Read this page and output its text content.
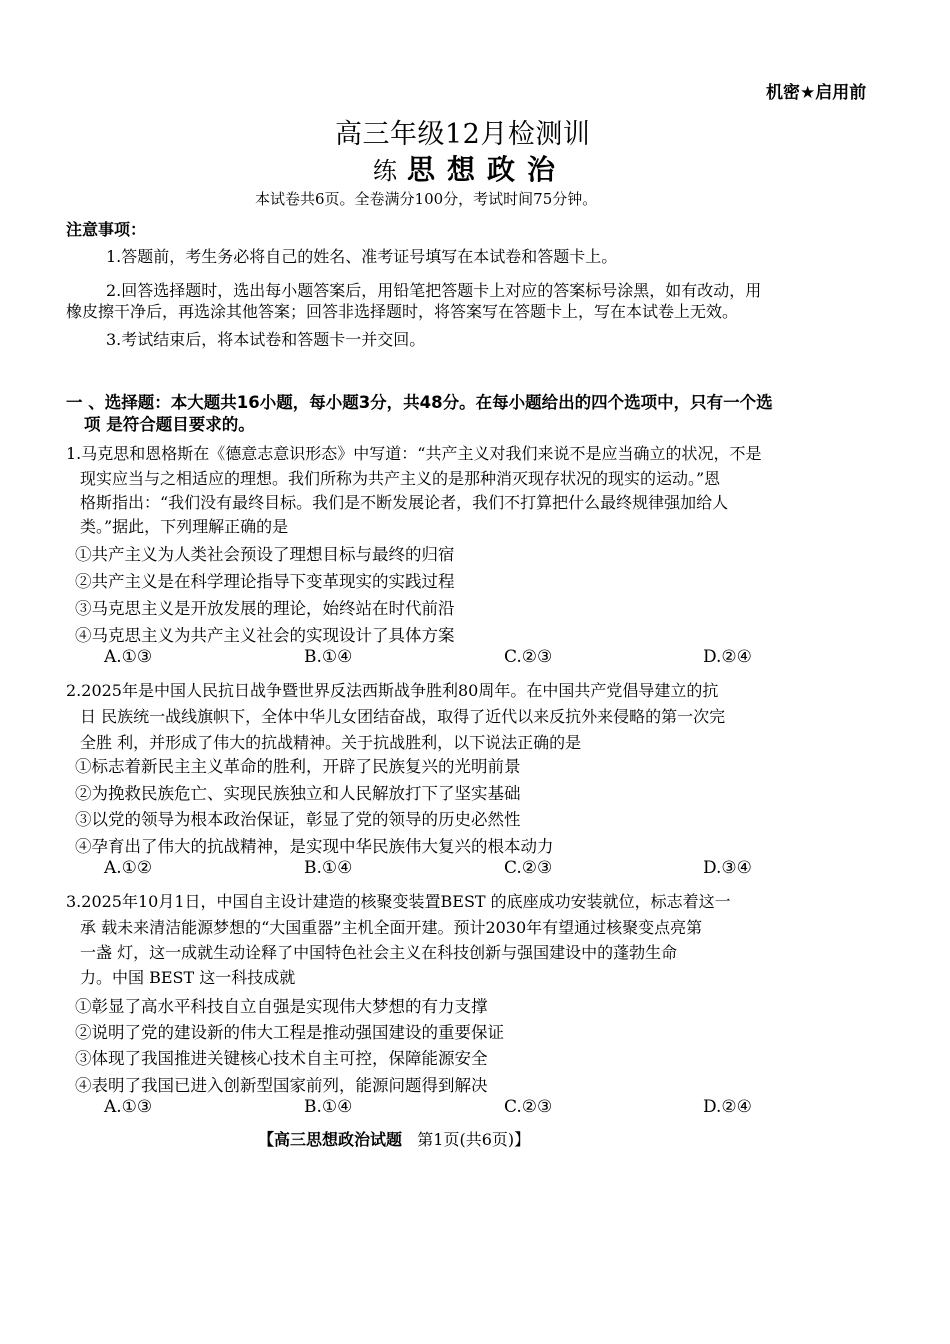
机密★启用前
高三年级12月检测训
练 思想政治
本试卷共6页。全卷满分100分，考试时间75分钟。
注意事项：
1.答题前，考生务必将自己的姓名、准考证号填写在本试卷和答题卡上。
2.回答选择题时，选出每小题答案后，用铅笔把答题卡上对应的答案标号涂黑，如有改动，用
橡皮擦干净后，再选涂其他答案；回答非选择题时，将答案写在答题卡上，写在本试卷上无效。
3.考试结束后，将本试卷和答题卡一并交回。
一 、选择题：本大题共16小题，每小题3分，共48分。在每小题给出的四个选项中，只有一个选
项 是符合题目要求的。
1.马克思和恩格斯在《德意志意识形态》中写道：“共产主义对我们来说不是应当确立的状况，不是
现实应当与之相适应的理想。我们所称为共产主义的是那种消灭现存状况的现实的运动。”恩
格斯指出：“我们没有最终目标。我们是不断发展论者，我们不打算把什么最终规律强加给人
类。”据此，下列理解正确的是
①共产主义为人类社会预设了理想目标与最终的归宿
②共产主义是在科学理论指导下变革现实的实践过程
③马克思主义是开放发展的理论，始终站在时代前沿
④马克思主义为共产主义社会的实现设计了具体方案
A.①③	B.①④	C.②③	D.②④
2.2025年是中国人民抗日战争暨世界反法西斯战争胜利80周年。在中国共产党倡导建立的抗
日 民族统一战线旗帜下，全体中华儿女团结奋战，取得了近代以来反抗外来侵略的第一次完
全胜 利，并形成了伟大的抗战精神。关于抗战胜利，以下说法正确的是
①标志着新民主主义革命的胜利，开辟了民族复兴的光明前景
②为挽救民族危亡、实现民族独立和人民解放打下了坚实基础
③以党的领导为根本政治保证，彰显了党的领导的历史必然性
④孕育出了伟大的抗战精神，是实现中华民族伟大复兴的根本动力
A.①②	B.①④	C.②③	D.③④
3.2025年10月1日，中国自主设计建造的核聚变装置BEST 的底座成功安装就位，标志着这一
承 载未来清洁能源梦想的“大国重器”主机全面开建。预计2030年有望通过核聚变点亮第
一盏 灯，这一成就生动诠释了中国特色社会主义在科技创新与强国建设中的蓬勃生命
力。中国 BEST 这一科技成就
①彰显了高水平科技自立自强是实现伟大梦想的有力支撑
②说明了党的建设新的伟大工程是推动强国建设的重要保证
③体现了我国推进关键核心技术自主可控，保障能源安全
④表明了我国已进入创新型国家前列，能源问题得到解决
A.①③	B.①④	C.②③	D.②④
【高三思想政治试题 第1页(共6页)】
